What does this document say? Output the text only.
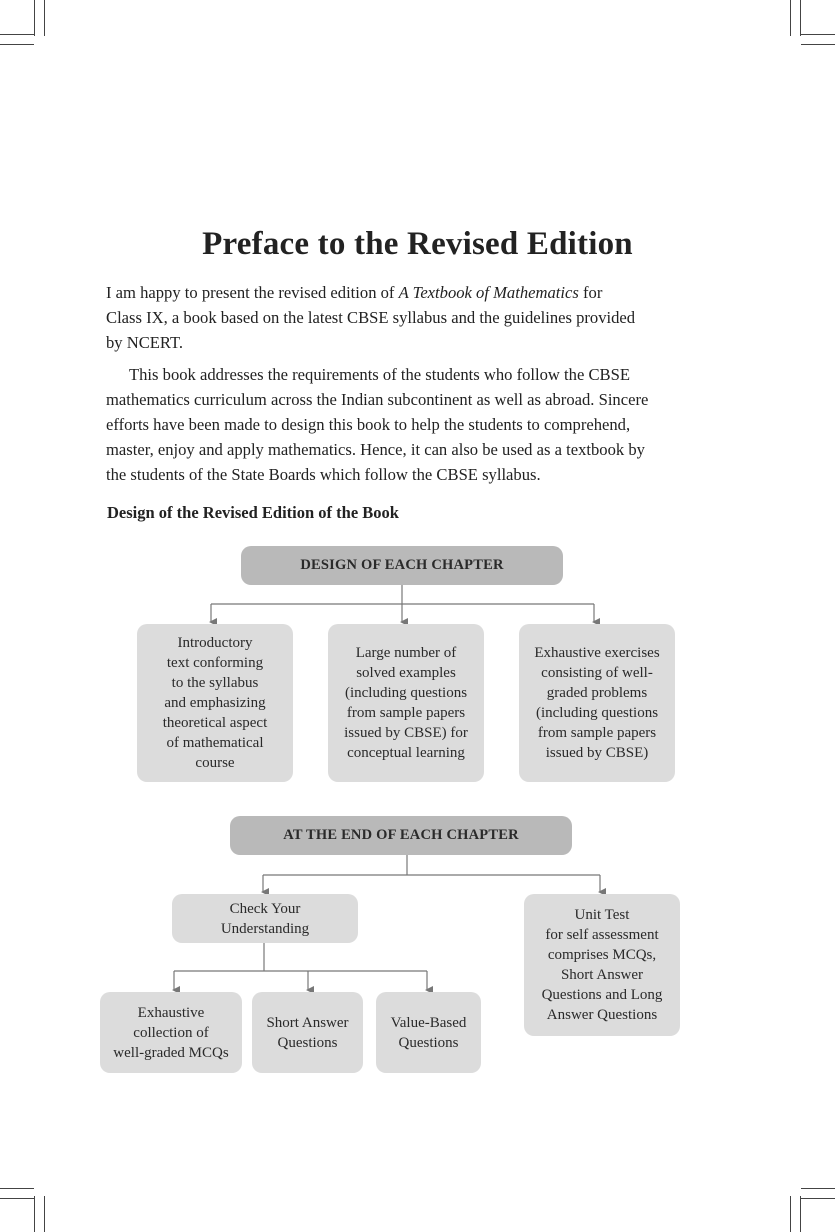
Preface to the Revised Edition
I am happy to present the revised edition of A Textbook of Mathematics for
Class IX, a book based on the latest CBSE syllabus and the guidelines provided
by NCERT.
This book addresses the requirements of the students who follow the CBSE
mathematics curriculum across the Indian subcontinent as well as abroad. Sincere
efforts have been made to design this book to help the students to comprehend,
master, enjoy and apply mathematics. Hence, it can also be used as a textbook by
the students of the State Boards which follow the CBSE syllabus.
Design of the Revised Edition of the Book
DESIGN OF EACH CHAPTER
Introductory
text conforming
to the syllabus
and emphasizing
theoretical aspect
of mathematical
course
Large number of
solved examples
(including questions
from sample papers
issued by CBSE) for
conceptual learning
Exhaustive exercises
consisting of well-
graded problems
(including questions
from sample papers
issued by CBSE)
AT THE END OF EACH CHAPTER
Check Your
Understanding
Unit Test
for self assessment
comprises MCQs,
Short Answer
Questions and Long
Answer Questions
Exhaustive
collection of
well-graded MCQs
Short Answer
Questions
Value-Based
Questions
